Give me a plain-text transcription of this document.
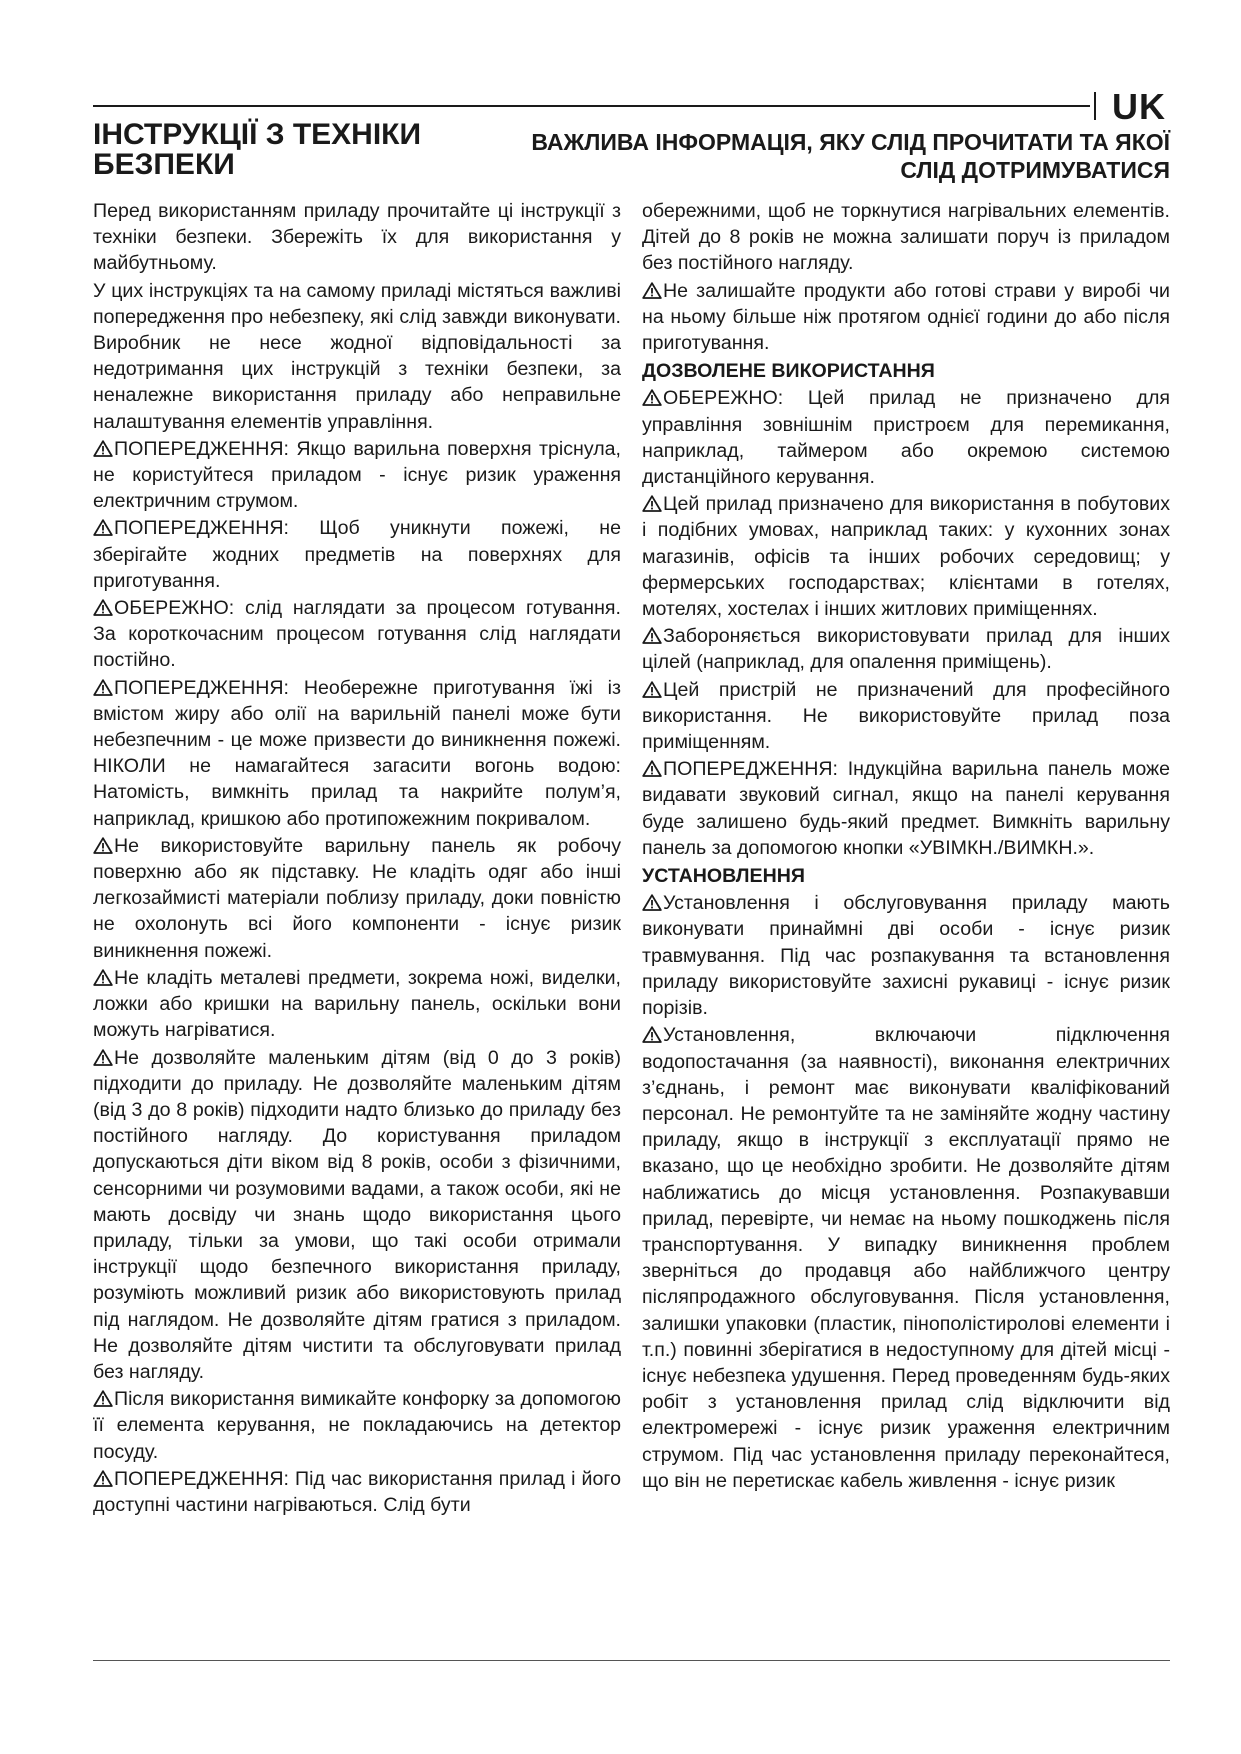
UK
ІНСТРУКЦІЇ З ТЕХНІКИ БЕЗПЕКИ
ВАЖЛИВА ІНФОРМАЦІЯ, ЯКУ СЛІД ПРОЧИТАТИ ТА ЯКОЇ СЛІД ДОТРИМУВАТИСЯ

Перед використанням приладу прочитайте ці інструкції з техніки безпеки. Збережіть їх для використання у майбутньому.

У цих інструкціях та на самому приладі містяться важливі попередження про небезпеку, які слід завжди виконувати. Виробник не несе жодної відповідальності за недотримання цих інструкцій з техніки безпеки, за неналежне використання приладу або неправильне налаштування елементів управління.

ПОПЕРЕДЖЕННЯ: Якщо варильна поверхня тріснула, не користуйтеся приладом - існує ризик ураження електричним струмом.

ПОПЕРЕДЖЕННЯ: Щоб уникнути пожежі, не зберігайте жодних предметів на поверхнях для приготування.

ОБЕРЕЖНО: слід наглядати за процесом готування. За короткочасним процесом готування слід наглядати постійно.

ПОПЕРЕДЖЕННЯ: Необережне приготування їжі із вмістом жиру або олії на варильній панелі може бути небезпечним - це може призвести до виникнення пожежі. НІКОЛИ не намагайтеся загасити вогонь водою: Натомість, вимкніть прилад та накрийте полум’я, наприклад, кришкою або протипожежним покривалом.

Не використовуйте варильну панель як робочу поверхню або як підставку. Не кладіть одяг або інші легкозаймисті матеріали поблизу приладу, доки повністю не охолонуть всі його компоненти - існує ризик виникнення пожежі.

Не кладіть металеві предмети, зокрема ножі, виделки, ложки або кришки на варильну панель, оскільки вони можуть нагріватися.

Не дозволяйте маленьким дітям (від 0 до 3 років) підходити до приладу. Не дозволяйте маленьким дітям (від 3 до 8 років) підходити надто близько до приладу без постійного нагляду. До користування приладом допускаються діти віком від 8 років, особи з фізичними, сенсорними чи розумовими вадами, а також особи, які не мають досвіду чи знань щодо використання цього приладу, тільки за умови, що такі особи отримали інструкції щодо безпечного використання приладу, розуміють можливий ризик або використовують прилад під наглядом. Не дозволяйте дітям гратися з приладом. Не дозволяйте дітям чистити та обслуговувати прилад без нагляду.

Після використання вимикайте конфорку за допомогою її елемента керування, не покладаючись на детектор посуду.

ПОПЕРЕДЖЕННЯ: Під час використання прилад і його доступні частини нагріваються. Слід бути

обережними, щоб не торкнутися нагрівальних елементів. Дітей до 8 років не можна залишати поруч із приладом без постійного нагляду.

Не залишайте продукти або готові страви у виробі чи на ньому більше ніж протягом однієї години до або після приготування.

ДОЗВОЛЕНЕ ВИКОРИСТАННЯ

ОБЕРЕЖНО: Цей прилад не призначено для управління зовнішнім пристроєм для перемикання, наприклад, таймером або окремою системою дистанційного керування.

Цей прилад призначено для використання в побутових і подібних умовах, наприклад таких: у кухонних зонах магазинів, офісів та інших робочих середовищ; у фермерських господарствах; клієнтами в готелях, мотелях, хостелах і інших житлових приміщеннях.

Забороняється використовувати прилад для інших цілей (наприклад, для опалення приміщень).

Цей пристрій не призначений для професійного використання. Не використовуйте прилад поза приміщенням.

ПОПЕРЕДЖЕННЯ: Індукційна варильна панель може видавати звуковий сигнал, якщо на панелі керування буде залишено будь-який предмет. Вимкніть варильну панель за допомогою кнопки «УВІМКН./ВИМКН.».

УСТАНОВЛЕННЯ

Установлення і обслуговування приладу мають виконувати принаймні дві особи - існує ризик травмування. Під час розпакування та встановлення приладу використовуйте захисні рукавиці - існує ризик порізів.

Установлення, включаючи підключення водопостачання (за наявності), виконання електричних з’єднань, і ремонт має виконувати кваліфікований персонал. Не ремонтуйте та не заміняйте жодну частину приладу, якщо в інструкції з експлуатації прямо не вказано, що це необхідно зробити. Не дозволяйте дітям наближатись до місця установлення. Розпакувавши прилад, перевірте, чи немає на ньому пошкоджень після транспортування. У випадку виникнення проблем зверніться до продавця або найближчого центру післяпродажного обслуговування. Після установлення, залишки упаковки (пластик, пінополістиролові елементи і т.п.) повинні зберігатися в недоступному для дітей місці - існує небезпека удушення. Перед проведенням будь-яких робіт з установлення прилад слід відключити від електромережі - існує ризик ураження електричним струмом. Під час установлення приладу переконайтеся, що він не перетискає кабель живлення - існує ризик
